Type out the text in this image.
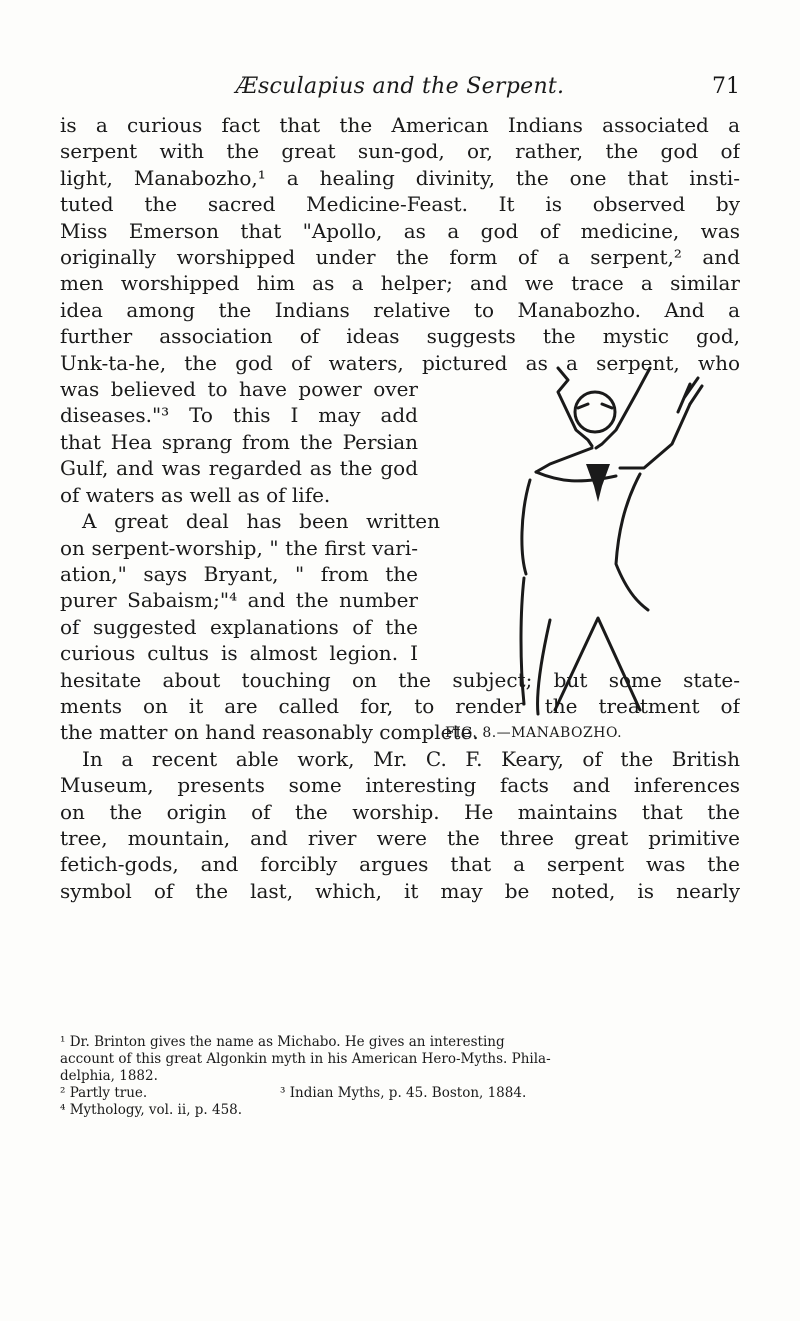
Æsculapius and the Serpent.	71
is a curious fact that the American Indians associated a
serpent with the great sun-god, or, rather, the god of
light, Manabozho,¹ a healing divinity, the one that insti-
tuted the sacred Medicine-Feast. It is observed by
Miss Emerson that "Apollo, as a god of medicine, was
originally worshipped under the form of a serpent,² and
men worshipped him as a helper; and we trace a similar
idea among the Indians relative to Manabozho. And a
further association of ideas suggests the mystic god,
Unk-ta-he, the god of waters, pictured as a serpent, who
was believed to have power over
diseases."³ To this I may add
that Hea sprang from the Persian
Gulf, and was regarded as the god
of waters as well as of life.
A great deal has been written
on serpent-worship, " the first vari-
ation," says Bryant, " from the
purer Sabaism;"⁴ and the number
of suggested explanations of the
curious cultus is almost legion. I
hesitate about touching on the subject; but some state-
ments on it are called for, to render the treatment of
the matter on hand reasonably complete.
In a recent able work, Mr. C. F. Keary, of the British
Museum, presents some interesting facts and inferences
on the origin of the worship. He maintains that the
tree, mountain, and river were the three great primitive
fetich-gods, and forcibly argues that a serpent was the
symbol of the last, which, it may be noted, is nearly
FIG. 8.—MANABOZHO.
¹ Dr. Brinton gives the name as Michabo. He gives an interesting
account of this great Algonkin myth in his American Hero-Myths. Phila-
delphia, 1882.
² Partly true.	³ Indian Myths, p. 45. Boston, 1884.
⁴ Mythology, vol. ii, p. 458.
